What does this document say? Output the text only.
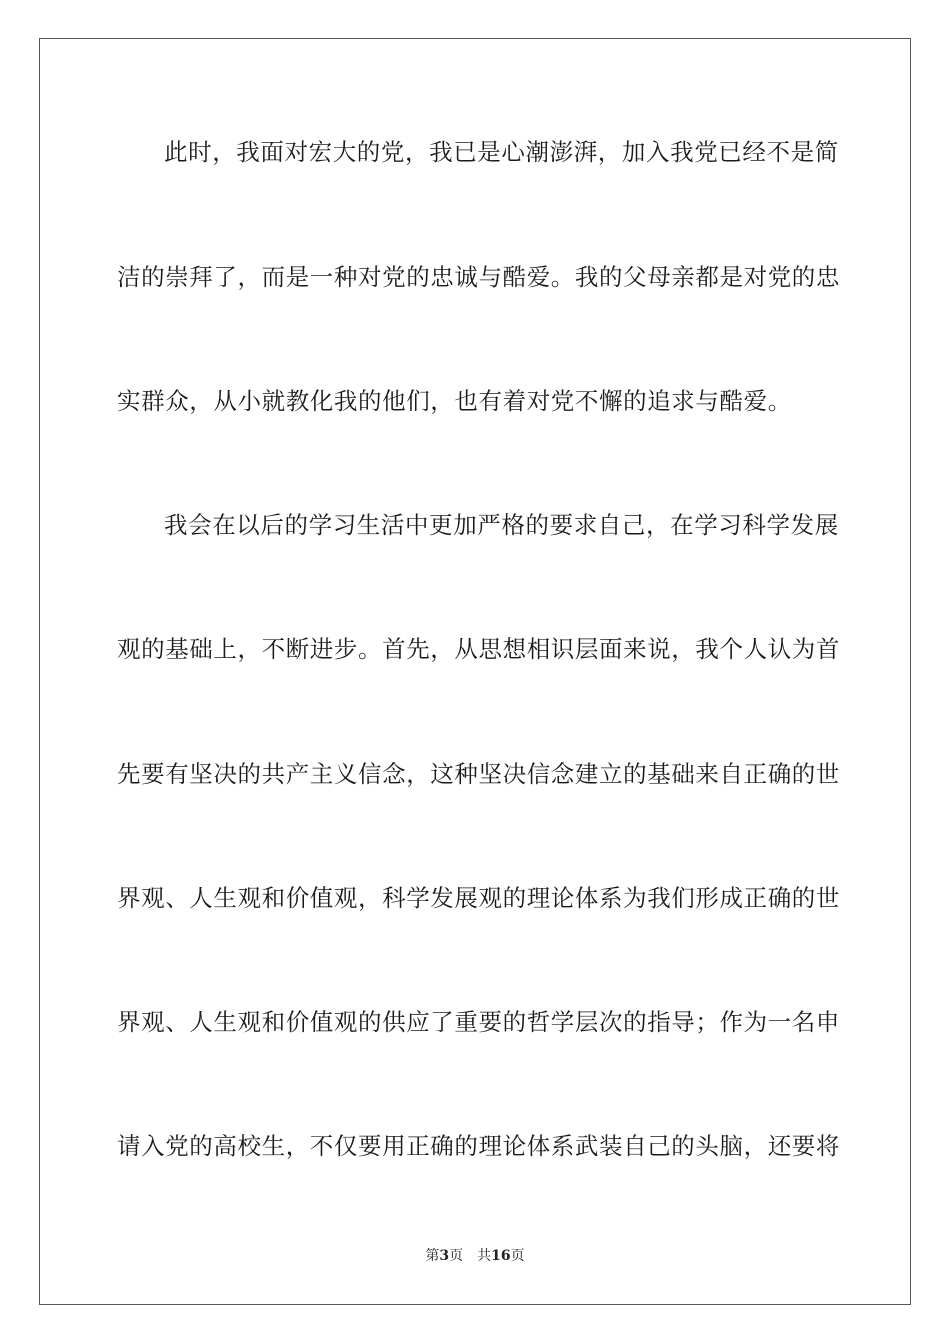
此时，我面对宏大的党，我已是心潮澎湃，加入我党已经不是简
洁的崇拜了，而是一种对党的忠诚与酷爱。我的父母亲都是对党的忠
实群众，从小就教化我的他们，也有着对党不懈的追求与酷爱。
我会在以后的学习生活中更加严格的要求自己，在学习科学发展
观的基础上，不断进步。首先，从思想相识层面来说，我个人认为首
先要有坚决的共产主义信念，这种坚决信念建立的基础来自正确的世
界观、人生观和价值观，科学发展观的理论体系为我们形成正确的世
界观、人生观和价值观的供应了重要的哲学层次的指导；作为一名申
请入党的高校生，不仅要用正确的理论体系武装自己的头脑，还要将
第3页 共16页
